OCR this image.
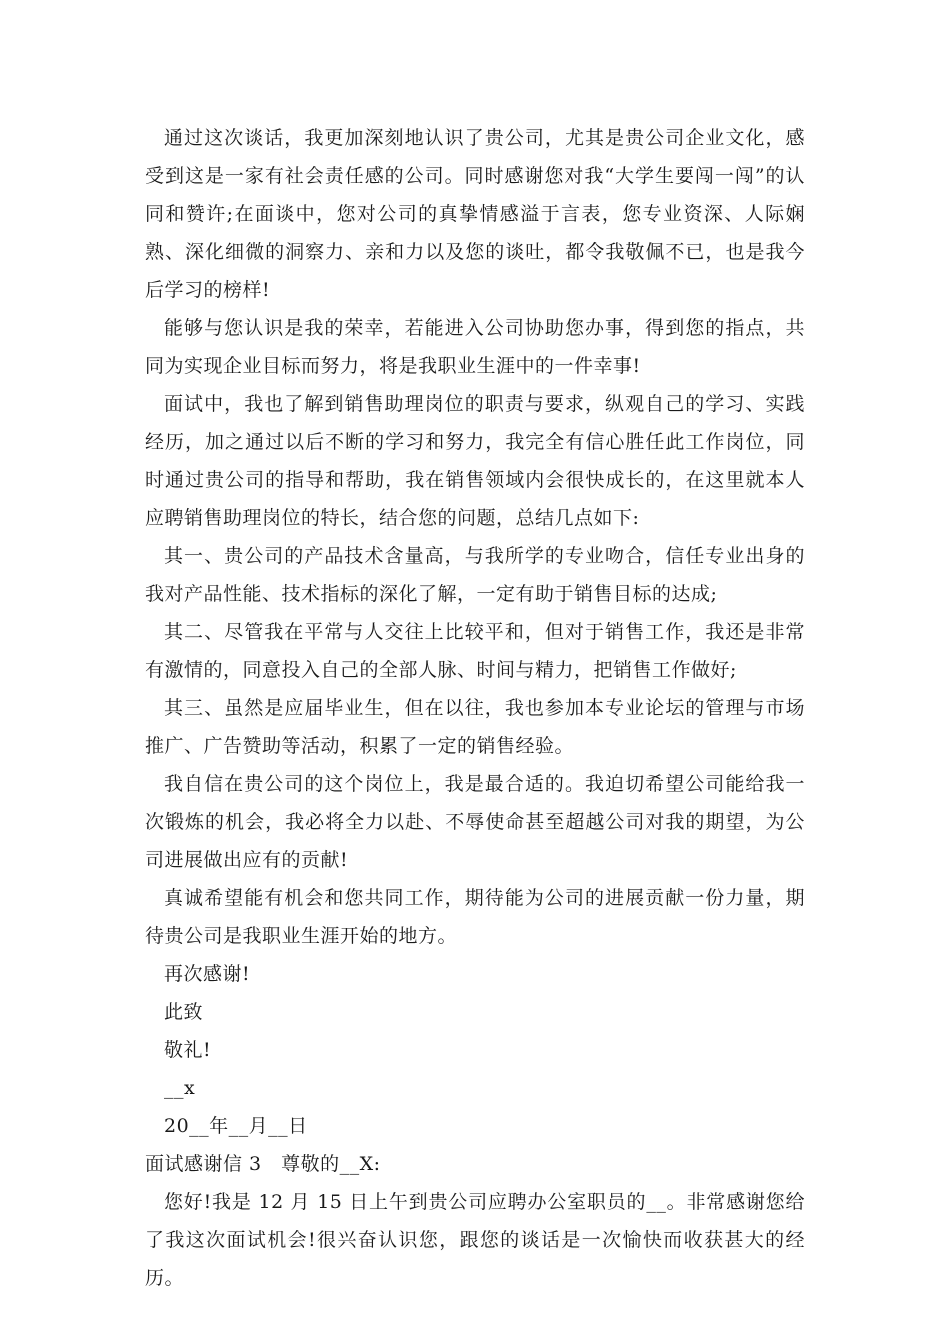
通过这次谈话，我更加深刻地认识了贵公司，尤其是贵公司企业文化，感受到这是一家有社会责任感的公司。同时感谢您对我“大学生要闯一闯”的认同和赞许;在面谈中，您对公司的真挚情感溢于言表，您专业资深、人际娴熟、深化细微的洞察力、亲和力以及您的谈吐，都令我敬佩不已，也是我今后学习的榜样!

能够与您认识是我的荣幸，若能进入公司协助您办事，得到您的指点，共同为实现企业目标而努力，将是我职业生涯中的一件幸事!

面试中，我也了解到销售助理岗位的职责与要求，纵观自己的学习、实践经历，加之通过以后不断的学习和努力，我完全有信心胜任此工作岗位，同时通过贵公司的指导和帮助，我在销售领域内会很快成长的，在这里就本人应聘销售助理岗位的特长，结合您的问题，总结几点如下:

其一、贵公司的产品技术含量高，与我所学的专业吻合，信任专业出身的我对产品性能、技术指标的深化了解，一定有助于销售目标的达成;

其二、尽管我在平常与人交往上比较平和，但对于销售工作，我还是非常有激情的，同意投入自己的全部人脉、时间与精力，把销售工作做好;

其三、虽然是应届毕业生，但在以往，我也参加本专业论坛的管理与市场推广、广告赞助等活动，积累了一定的销售经验。

我自信在贵公司的这个岗位上，我是最合适的。我迫切希望公司能给我一次锻炼的机会，我必将全力以赴、不辱使命甚至超越公司对我的期望，为公司进展做出应有的贡献!

真诚希望能有机会和您共同工作，期待能为公司的进展贡献一份力量，期待贵公司是我职业生涯开始的地方。

再次感谢!

此致

敬礼!

__x

20__年__月__日

面试感谢信 3　尊敬的__X:

您好!我是 12 月 15 日上午到贵公司应聘办公室职员的__。非常感谢您给了我这次面试机会!很兴奋认识您，跟您的谈话是一次愉快而收获甚大的经历。
